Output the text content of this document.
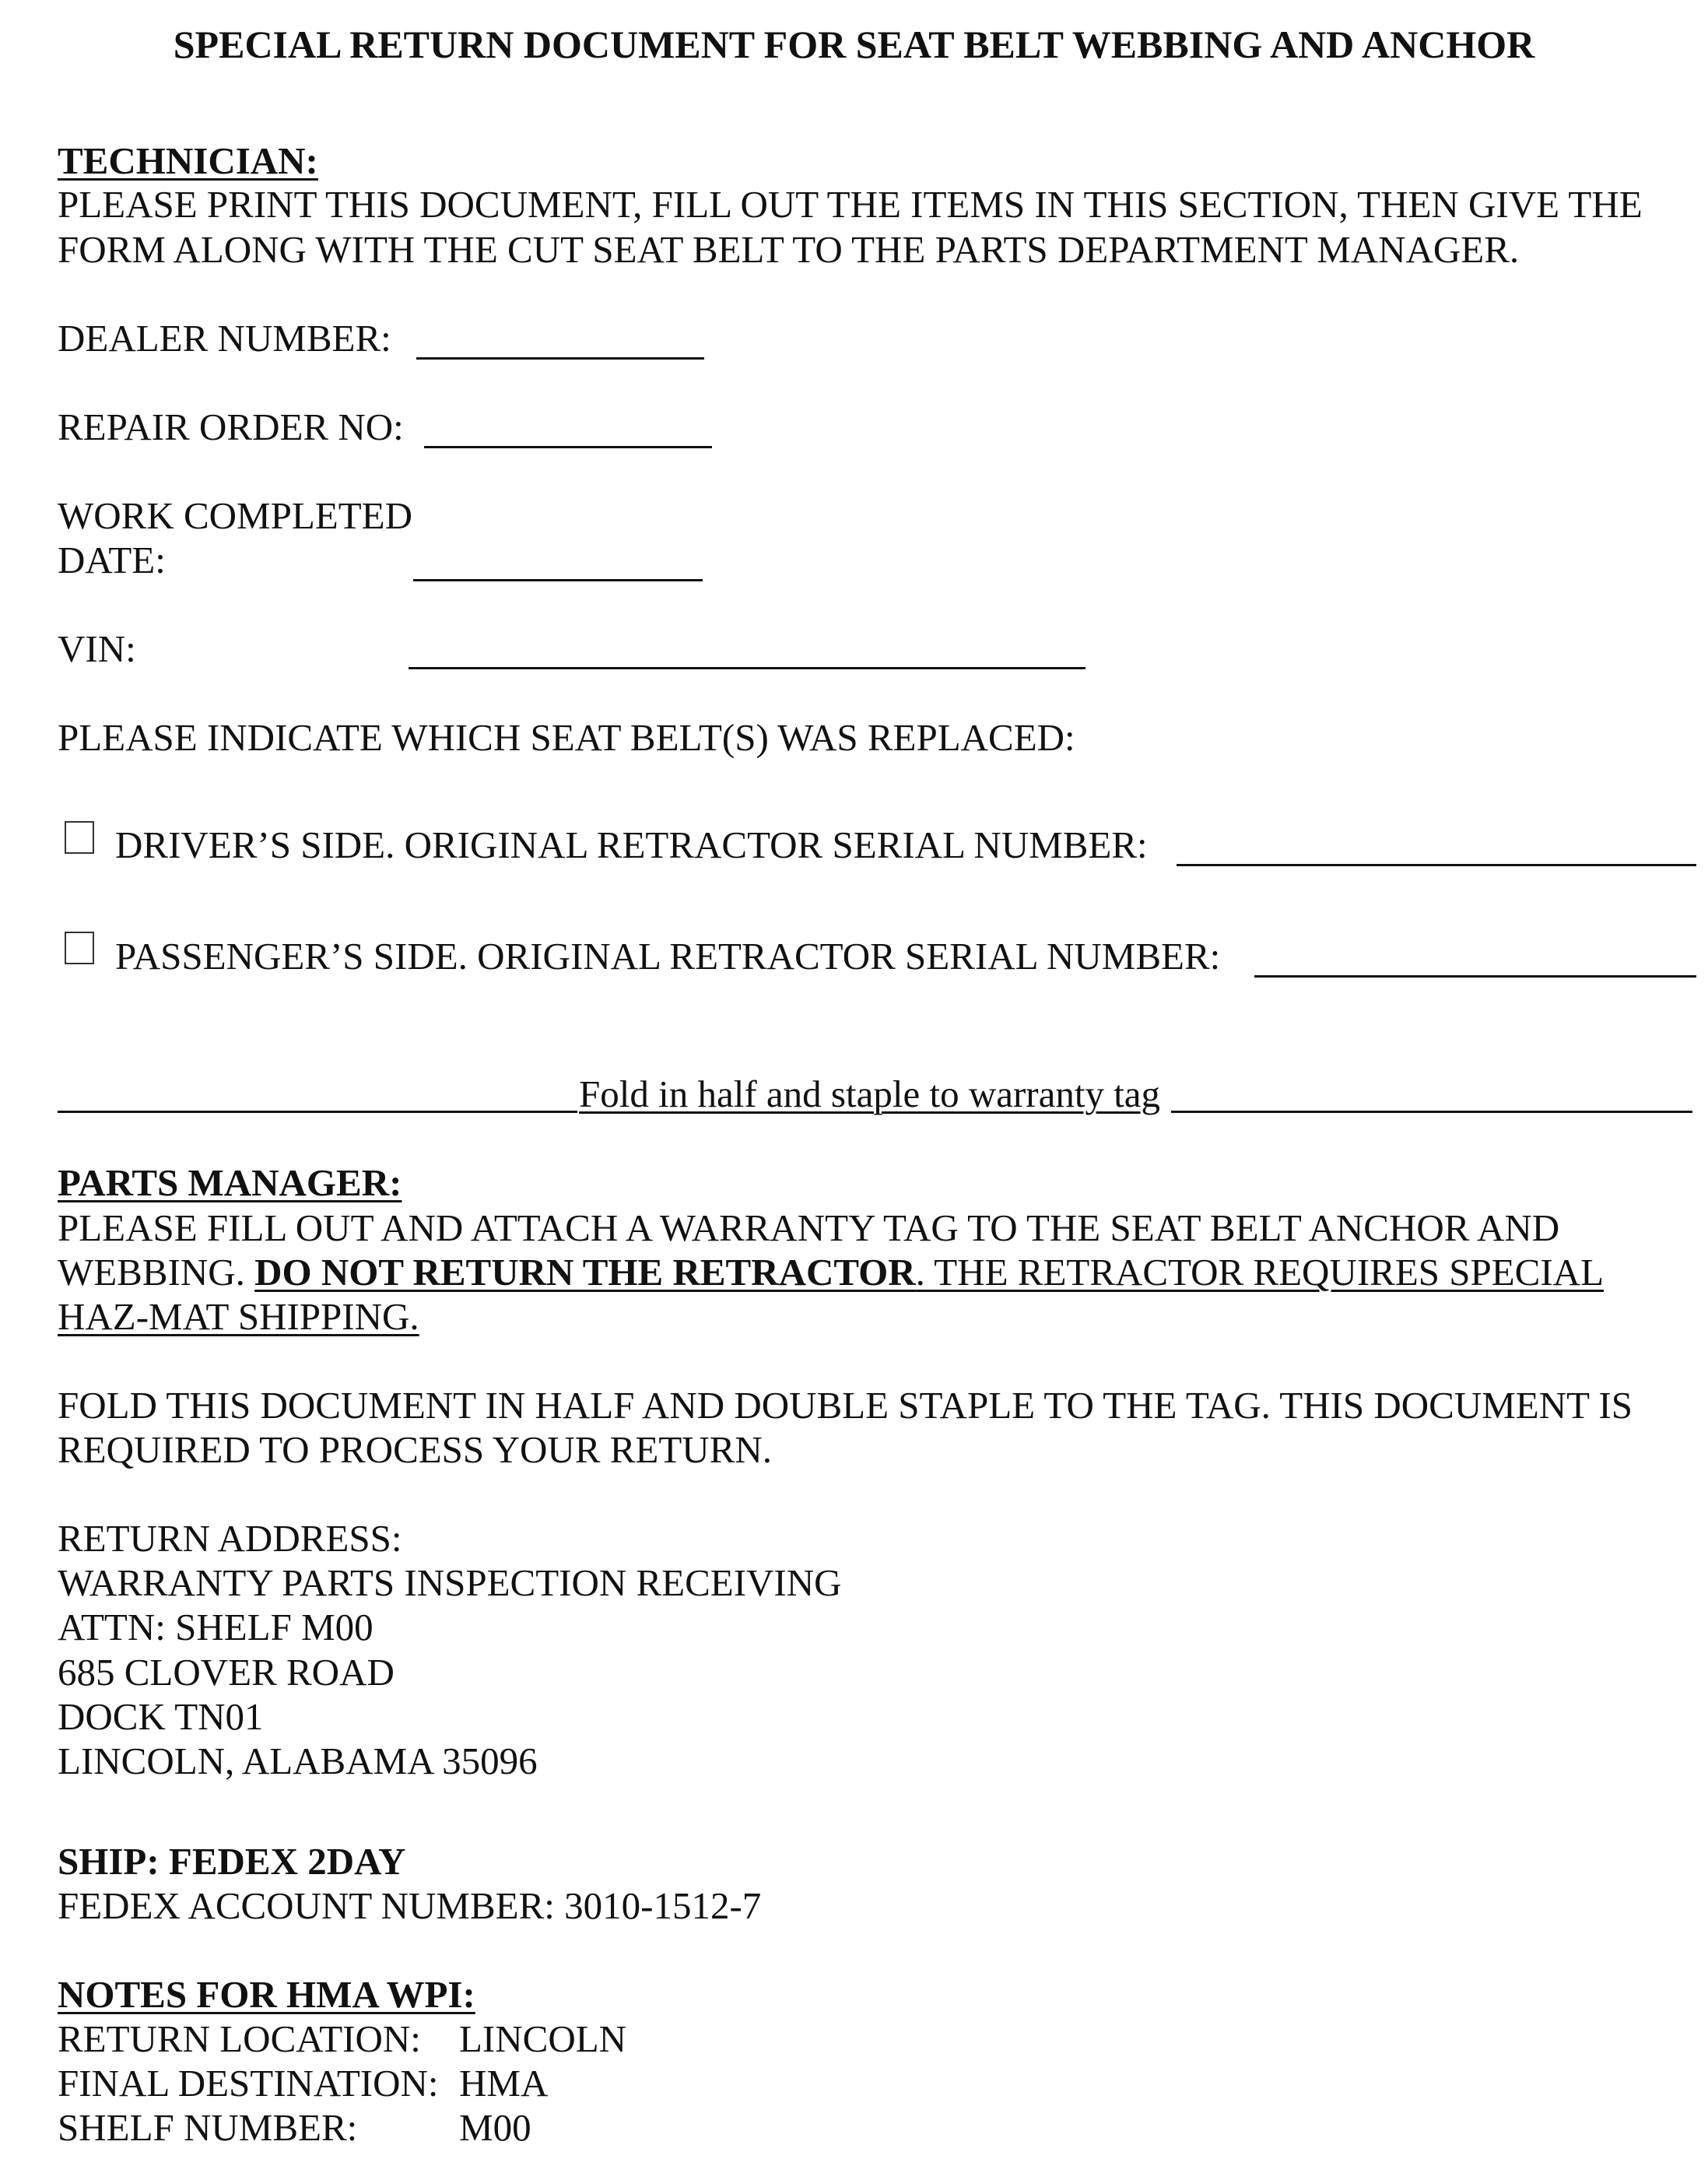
SPECIAL RETURN DOCUMENT FOR SEAT BELT WEBBING AND ANCHOR
TECHNICIAN:
PLEASE PRINT THIS DOCUMENT, FILL OUT THE ITEMS IN THIS SECTION, THEN GIVE THE
FORM ALONG WITH THE CUT SEAT BELT TO THE PARTS DEPARTMENT MANAGER.
DEALER NUMBER:
REPAIR ORDER NO:
WORK COMPLETED
DATE:
VIN:
PLEASE INDICATE WHICH SEAT BELT(S) WAS REPLACED:
DRIVER’S SIDE. ORIGINAL RETRACTOR SERIAL NUMBER:
PASSENGER’S SIDE. ORIGINAL RETRACTOR SERIAL NUMBER:
Fold in half and staple to warranty tag
PARTS MANAGER:
PLEASE FILL OUT AND ATTACH A WARRANTY TAG TO THE SEAT BELT ANCHOR AND
WEBBING. DO NOT RETURN THE RETRACTOR. THE RETRACTOR REQUIRES SPECIAL
HAZ-MAT SHIPPING.
FOLD THIS DOCUMENT IN HALF AND DOUBLE STAPLE TO THE TAG. THIS DOCUMENT IS
REQUIRED TO PROCESS YOUR RETURN.
RETURN ADDRESS:
WARRANTY PARTS INSPECTION RECEIVING
ATTN: SHELF M00
685 CLOVER ROAD
DOCK TN01
LINCOLN, ALABAMA 35096
SHIP: FEDEX 2DAY
FEDEX ACCOUNT NUMBER: 3010-1512-7
NOTES FOR HMA WPI:
RETURN LOCATION: LINCOLN
FINAL DESTINATION: HMA
SHELF NUMBER:	M00
